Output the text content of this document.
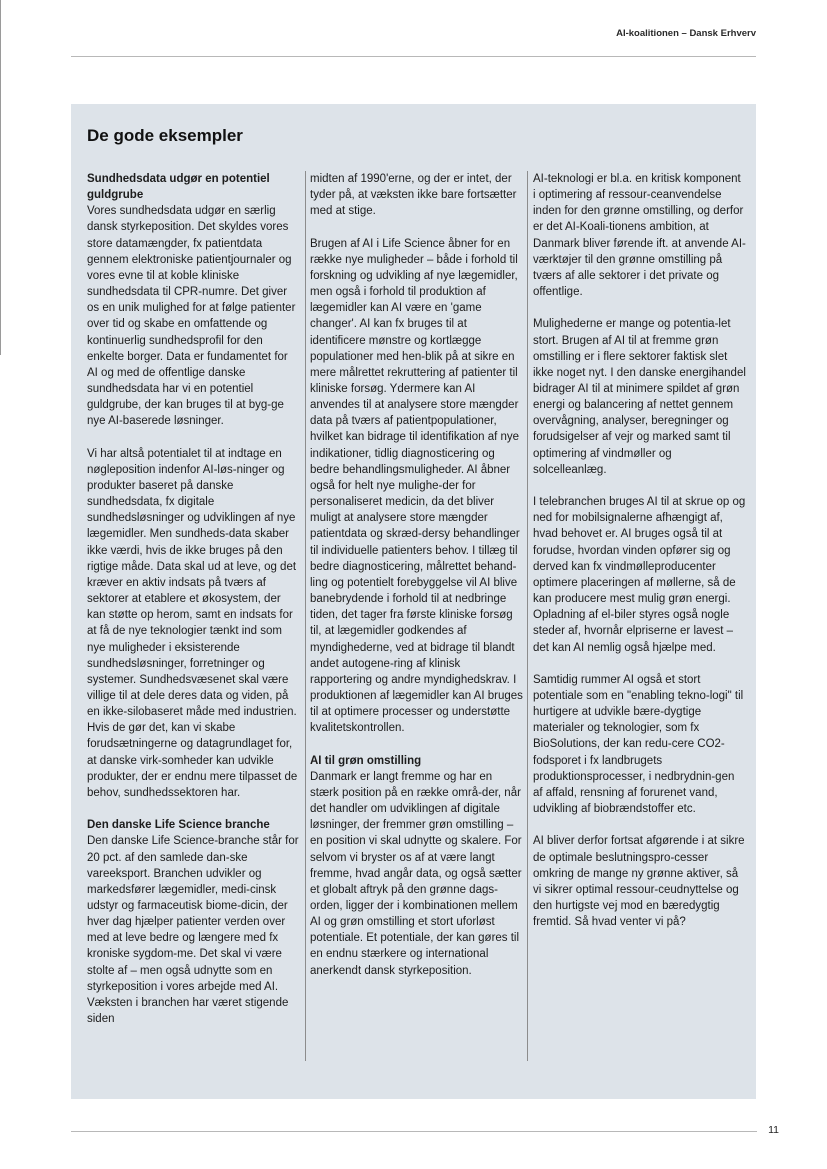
AI-koalitionen – Dansk Erhverv
De gode eksempler
Sundhedsdata udgør en potentiel guldgrube

Vores sundhedsdata udgør en særlig dansk styrkeposition. Det skyldes vores store datamængder, fx patientdata gennem elektroniske patientjournaler og vores evne til at koble kliniske sundhedsdata til CPR-numre. Det giver os en unik mulighed for at følge patienter over tid og skabe en omfattende og kontinuerlig sundhedsprofil for den enkelte borger. Data er fundamentet for AI og med de offentlige danske sundhedsdata har vi en potentiel guldgrube, der kan bruges til at byg-ge nye AI-baserede løsninger.

Vi har altså potentialet til at indtage en nøgleposition indenfor AI-løs-ninger og produkter baseret på danske sundhedsdata, fx digitale sundhedsløsninger og udviklingen af nye lægemidler. Men sundheds-data skaber ikke værdi, hvis de ikke bruges på den rigtige måde. Data skal ud at leve, og det kræver en aktiv indsats på tværs af sektorer at etablere et økosystem, der kan støtte op herom, samt en indsats for at få de nye teknologier tænkt ind som nye muligheder i eksisterende sundhedsløsninger, forretninger og systemer. Sundhedsvæsenet skal være villige til at dele deres data og viden, på en ikke-silobaseret måde med industrien. Hvis de gør det, kan vi skabe forudsætningerne og datagrundlaget for, at danske virk-somheder kan udvikle produkter, der er endnu mere tilpasset de behov, sundhedssektoren har.

Den danske Life Science branche

Den danske Life Science-branche står for 20 pct. af den samlede dan-ske vareeksport. Branchen udvikler og markedsfører lægemidler, medi-cinsk udstyr og farmaceutisk biome-dicin, der hver dag hjælper patienter verden over med at leve bedre og længere med fx kroniske sygdom-me. Det skal vi være stolte af – men også udnytte som en styrkeposition i vores arbejde med AI. Væksten i branchen har været stigende siden

midten af 1990'erne, og der er intet, der tyder på, at væksten ikke bare fortsætter med at stige.

Brugen af AI i Life Science åbner for en række nye muligheder – både i forhold til forskning og udvikling af nye lægemidler, men også i forhold til produktion af lægemidler kan AI være en 'game changer'. AI kan fx bruges til at identificere mønstre og kortlægge populationer med hen-blik på at sikre en mere målrettet rekruttering af patienter til kliniske forsøg. Ydermere kan AI anvendes til at analysere store mængder data på tværs af patientpopulationer, hvilket kan bidrage til identifikation af nye indikationer, tidlig diagnosticering og bedre behandlingsmuligheder. AI åbner også for helt nye mulighe-der for personaliseret medicin, da det bliver muligt at analysere store mængder patientdata og skræd-dersy behandlinger til individuelle patienters behov. I tillæg til bedre diagnosticering, målrettet behand-ling og potentielt forebyggelse vil AI blive banebrydende i forhold til at nedbringe tiden, det tager fra første kliniske forsøg til, at lægemidler godkendes af myndighederne, ved at bidrage til blandt andet autogene-ring af klinisk rapportering og andre myndighedskrav. I produktionen af lægemidler kan AI bruges til at optimere processer og understøtte kvalitetskontrollen.

AI til grøn omstilling

Danmark er langt fremme og har en stærk position på en række områ-der, når det handler om udviklingen af digitale løsninger, der fremmer grøn omstilling – en position vi skal udnytte og skalere. For selvom vi bryster os af at være langt fremme, hvad angår data, og også sætter et globalt aftryk på den grønne dags-orden, ligger der i kombinationen mellem AI og grøn omstilling et stort uforløst potentiale. Et potentiale, der kan gøres til en endnu stærkere og international anerkendt dansk styrkeposition.

AI-teknologi er bl.a. en kritisk komponent i optimering af ressour-ceanvendelse inden for den grønne omstilling, og derfor er det AI-Koali-tionens ambition, at Danmark bliver førende ift. at anvende AI-værktøjer til den grønne omstilling på tværs af alle sektorer i det private og offentlige.

Mulighederne er mange og potentia-let stort. Brugen af AI til at fremme grøn omstilling er i flere sektorer faktisk slet ikke noget nyt. I den danske energihandel bidrager AI til at minimere spildet af grøn energi og balancering af nettet gennem overvågning, analyser, beregninger og forudsigelser af vejr og marked samt til optimering af vindmøller og solcelleanlæg.

I telebranchen bruges AI til at skrue op og ned for mobilsignalerne afhængigt af, hvad behovet er. AI bruges også til at forudse, hvordan vinden opfører sig og derved kan fx vindmølleproducenter optimere placeringen af møllerne, så de kan producere mest mulig grøn energi. Opladning af el-biler styres også nogle steder af, hvornår elpriserne er lavest – det kan AI nemlig også hjælpe med.

Samtidig rummer AI også et stort potentiale som en "enabling tekno-logi" til hurtigere at udvikle bære-dygtige materialer og teknologier, som fx BioSolutions, der kan redu-cere CO2-fodsporet i fx landbrugets produktionsprocesser, i nedbrydnin-gen af affald, rensning af forurenet vand, udvikling af biobrændstoffer etc.

AI bliver derfor fortsat afgørende i at sikre de optimale beslutningspro-cesser omkring de mange ny grønne aktiver, så vi sikrer optimal ressour-ceudnyttelse og den hurtigste vej mod en bæredygtig fremtid. Så hvad venter vi på?

11
